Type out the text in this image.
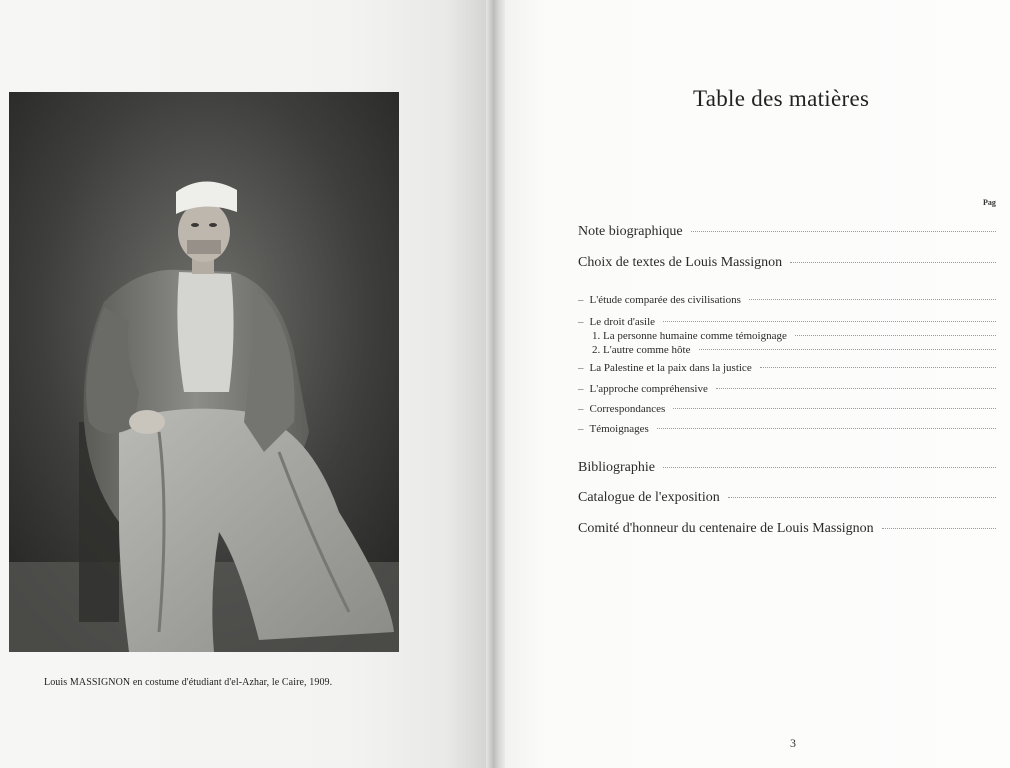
Louis MASSIGNON en costume d'étudiant d'el-Azhar, le Caire, 1909.
Table des matières
Pag
Note biographique
Choix de textes de Louis Massignon
– L'étude comparée des civilisations
– Le droit d'asile
1. La personne humaine comme témoignage
2. L'autre comme hôte
– La Palestine et la paix dans la justice
– L'approche compréhensive
– Correspondances
– Témoignages
Bibliographie
Catalogue de l'exposition
Comité d'honneur du centenaire de Louis Massignon
3
